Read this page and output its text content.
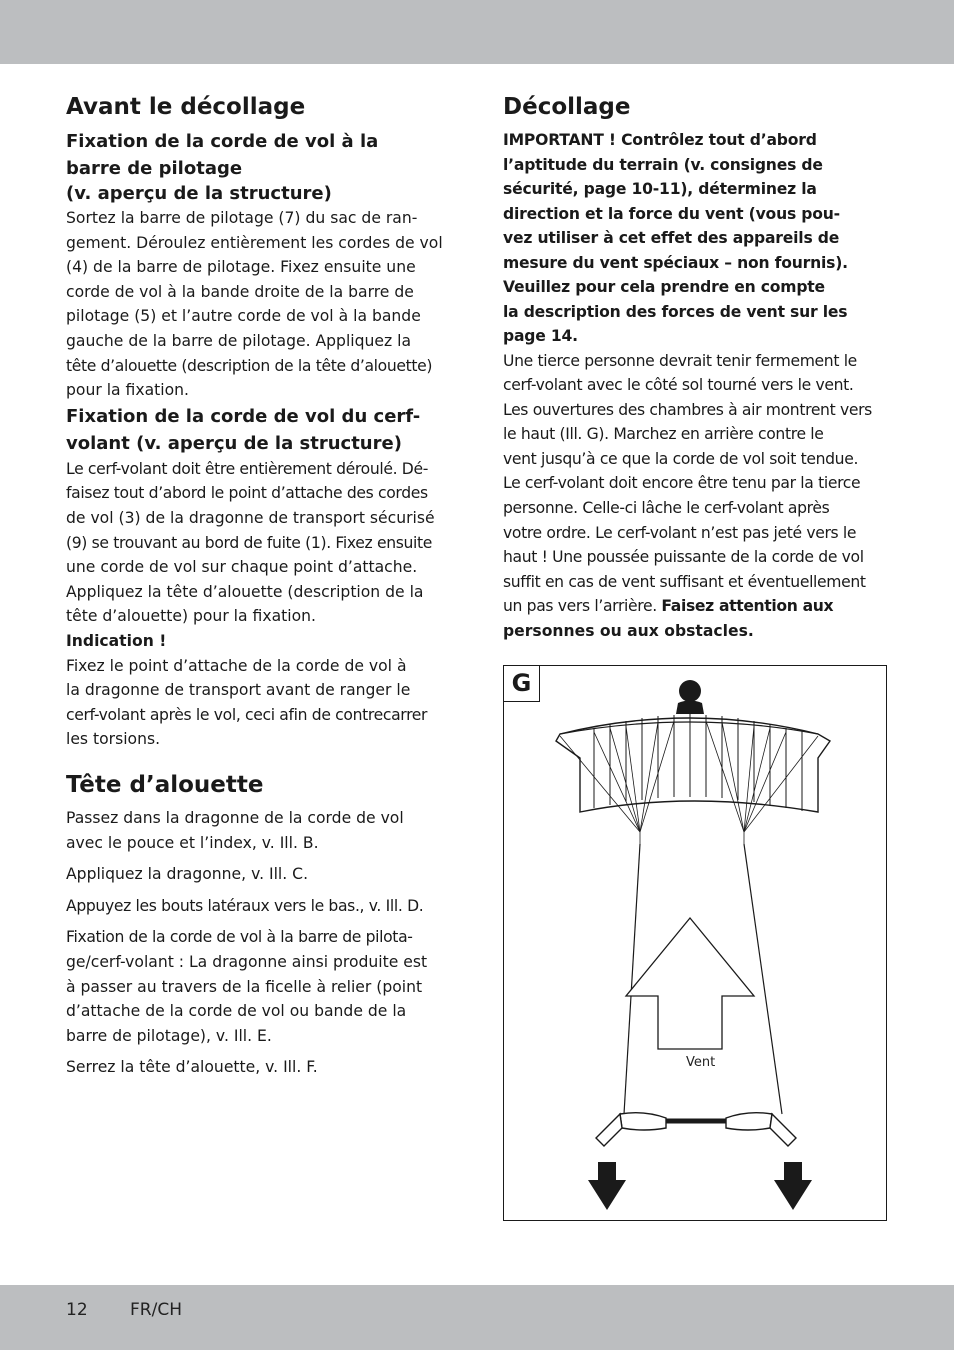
Avant le décollage
Fixation de la corde de vol à la
barre de pilotage
(v. aperçu de la structure)

Sortez la barre de pilotage (7) du sac de ran-

gement. Déroulez entièrement les cordes de vol

(4) de la barre de pilotage. Fixez ensuite une

corde de vol à la bande droite de la barre de

pilotage (5) et l’autre corde de vol à la bande

gauche de la barre de pilotage. Appliquez la

tête d’alouette (description de la tête d’alouette)

pour la fixation.

Fixation de la corde de vol du cerf-
volant (v. aperçu de la structure)

Le cerf-volant doit être entièrement déroulé. Dé-

faisez tout d’abord le point d’attache des cordes

de vol (3) de la dragonne de transport sécurisé

(9) se trouvant au bord de fuite (1). Fixez ensuite

une corde de vol sur chaque point d’attache.

Appliquez la tête d’alouette (description de la

tête d’alouette) pour la fixation.

Indication !

Fixez le point d’attache de la corde de vol à

la dragonne de transport avant de ranger le

cerf-volant après le vol, ceci afin de contrecarrer

les torsions.

Tête d’alouette

Passez dans la dragonne de la corde de vol

avec le pouce et l’index, v. Ill. B.

Appliquez la dragonne, v. Ill. C.

Appuyez les bouts latéraux vers le bas., v. Ill. D.

Fixation de la corde de vol à la barre de pilota-

ge/cerf-volant : La dragonne ainsi produite est

à passer au travers de la ficelle à relier (point

d’attache de la corde de vol ou bande de la

barre de pilotage), v. Ill. E.

Serrez la tête d’alouette, v. Ill. F.

Décollage

IMPORTANT ! Contrôlez tout d’abord

l’aptitude du terrain (v. consignes de

sécurité, page 10-11), déterminez la

direction et la force du vent (vous pou-

vez utiliser à cet effet des appareils de

mesure du vent spéciaux – non fournis).

Veuillez pour cela prendre en compte

la description des forces de vent sur les

page 14.

Une tierce personne devrait tenir fermement le

cerf-volant avec le côté sol tourné vers le vent.

Les ouvertures des chambres à air montrent vers

le haut (Ill. G). Marchez en arrière contre le

vent jusqu’à ce que la corde de vol soit tendue.

Le cerf-volant doit encore être tenu par la tierce

personne. Celle-ci lâche le cerf-volant après

votre ordre. Le cerf-volant n’est pas jeté vers le

haut ! Une poussée puissante de la corde de vol

suffit en cas de vent suffisant et éventuellement

un pas vers l’arrière. Faisez attention aux

personnes ou aux obstacles.

G
Vent
12 FR/CH
